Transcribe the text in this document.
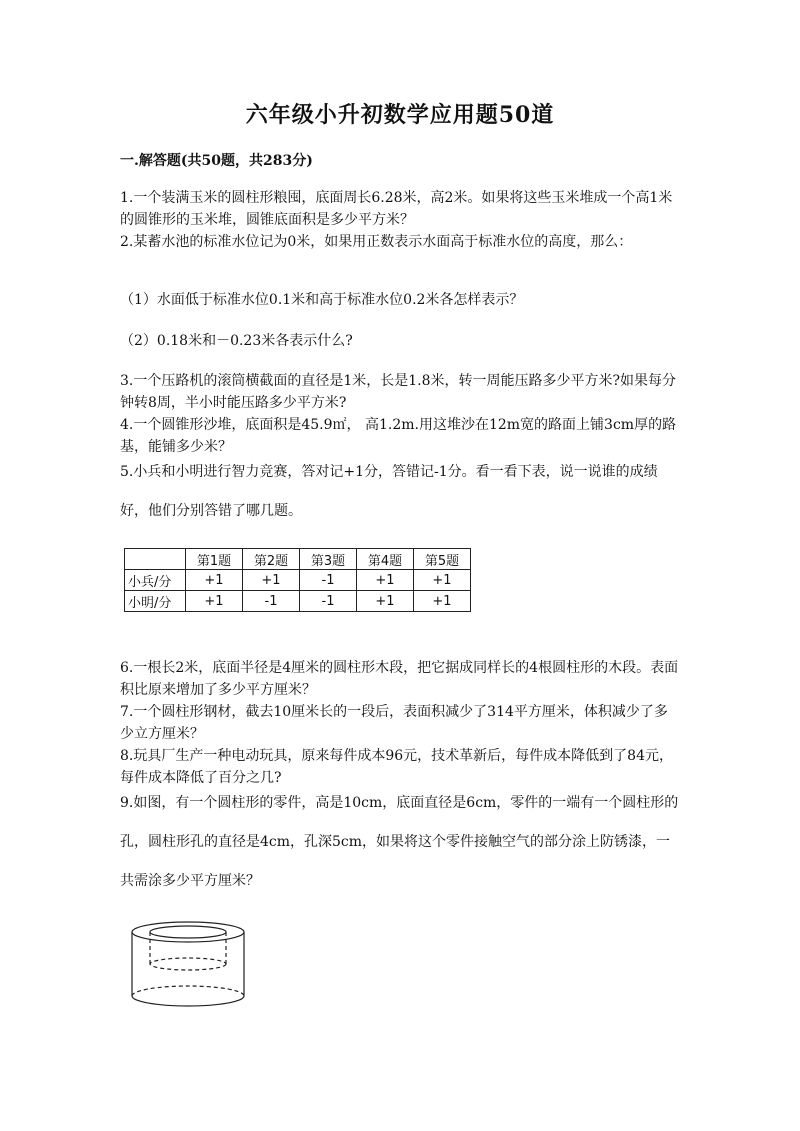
六年级小升初数学应用题50道
一.解答题(共50题，共283分)
1.一个装满玉米的圆柱形粮囤，底面周长6.28米，高2米。如果将这些玉米堆成一个高1米的圆锥形的玉米堆，圆锥底面积是多少平方米？
2.某蓄水池的标准水位记为0米，如果用正数表示水面高于标准水位的高度，那么：
（1）水面低于标准水位0.1米和高于标准水位0.2米各怎样表示？
（2）0.18米和－0.23米各表示什么?
3.一个压路机的滚筒横截面的直径是1米，长是1.8米，转一周能压路多少平方米?如果每分钟转8周，半小时能压路多少平方米?
4.一个圆锥形沙堆，底面积是45.9㎡， 高1.2m.用这堆沙在12m宽的路面上铺3cm厚的路基，能铺多少米？
5.小兵和小明进行智力竞赛，答对记+1分，答错记-1分。看一看下表，说一说谁的成绩好，他们分别答错了哪几题。
	第1题	第2题	第3题	第4题	第5题
小兵/分	+1	+1	-1	+1	+1
小明/分	+1	-1	-1	+1	+1
6.一根长2米，底面半径是4厘米的圆柱形木段，把它据成同样长的4根圆柱形的木段。表面积比原来增加了多少平方厘米？
7.一个圆柱形钢材，截去10厘米长的一段后，表面积减少了314平方厘米，体积减少了多少立方厘米？
8.玩具厂生产一种电动玩具，原来每件成本96元，技术革新后，每件成本降低到了84元，每件成本降低了百分之几?
9.如图，有一个圆柱形的零件，高是10cm，底面直径是6cm，零件的一端有一个圆柱形的孔，圆柱形孔的直径是4cm，孔深5cm，如果将这个零件接触空气的部分涂上防锈漆，一共需涂多少平方厘米？
